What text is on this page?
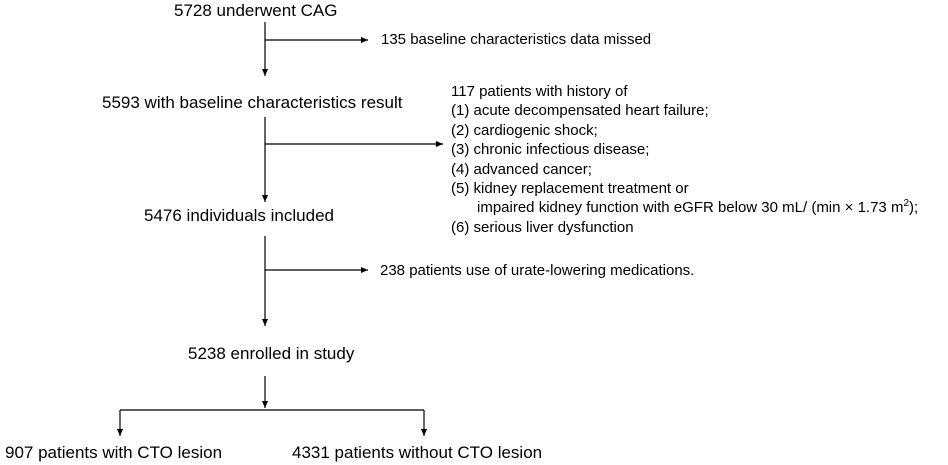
5728 underwent CAG
135 baseline characteristics data missed
5593 with baseline characteristics result
117 patients with history of
(1) acute decompensated heart failure;
(2) cardiogenic shock;
(3) chronic infectious disease;
(4) advanced cancer;
(5) kidney replacement treatment or
impaired kidney function with eGFR below 30 mL/ (min × 1.73 $m^2$);
(6) serious liver dysfunction
5476 individuals included
238 patients use of urate-lowering medications.
5238 enrolled in study
907 patients with CTO lesion	4331 patients without CTO lesion
